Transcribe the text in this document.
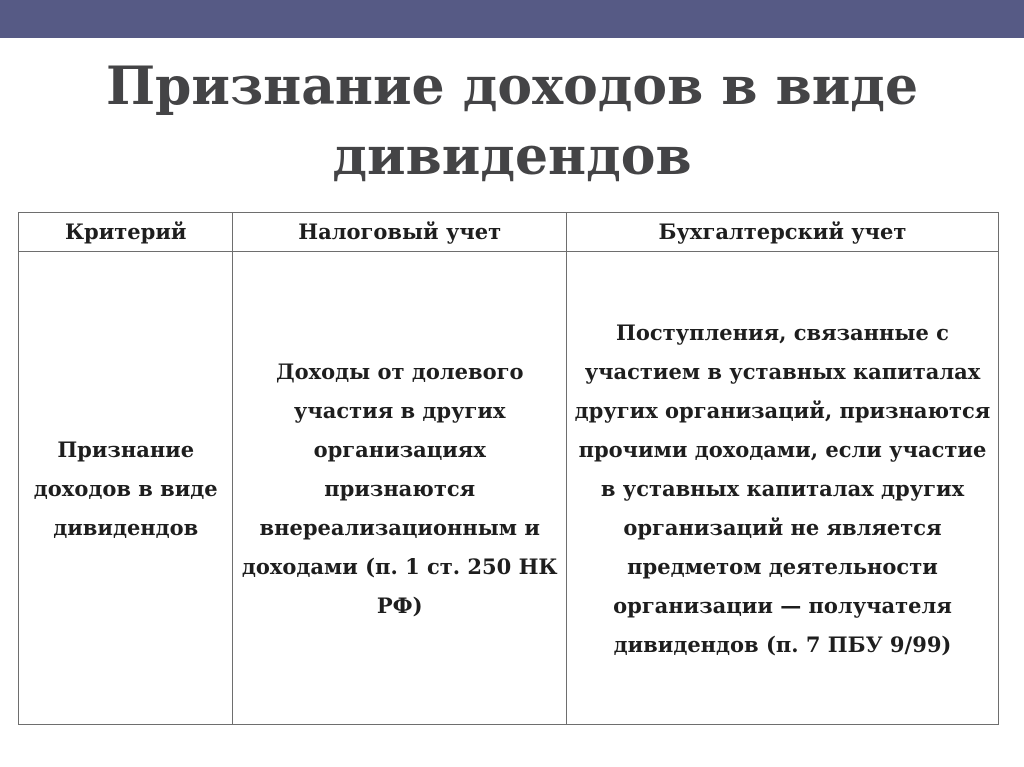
Признание доходов в виде
дивидендов
Критерий	Налоговый учет	Бухгалтерский учет
Признание доходов в виде дивидендов	Доходы от долевого участия в других организациях признаются внереализационным и доходами (п. 1 ст. 250 НК РФ)	Поступления, связанные с участием в уставных капиталах других организаций, признаются прочими доходами, если участие в уставных капиталах других организаций не является предметом деятельности организации — получателя дивидендов (п. 7 ПБУ 9/99)
